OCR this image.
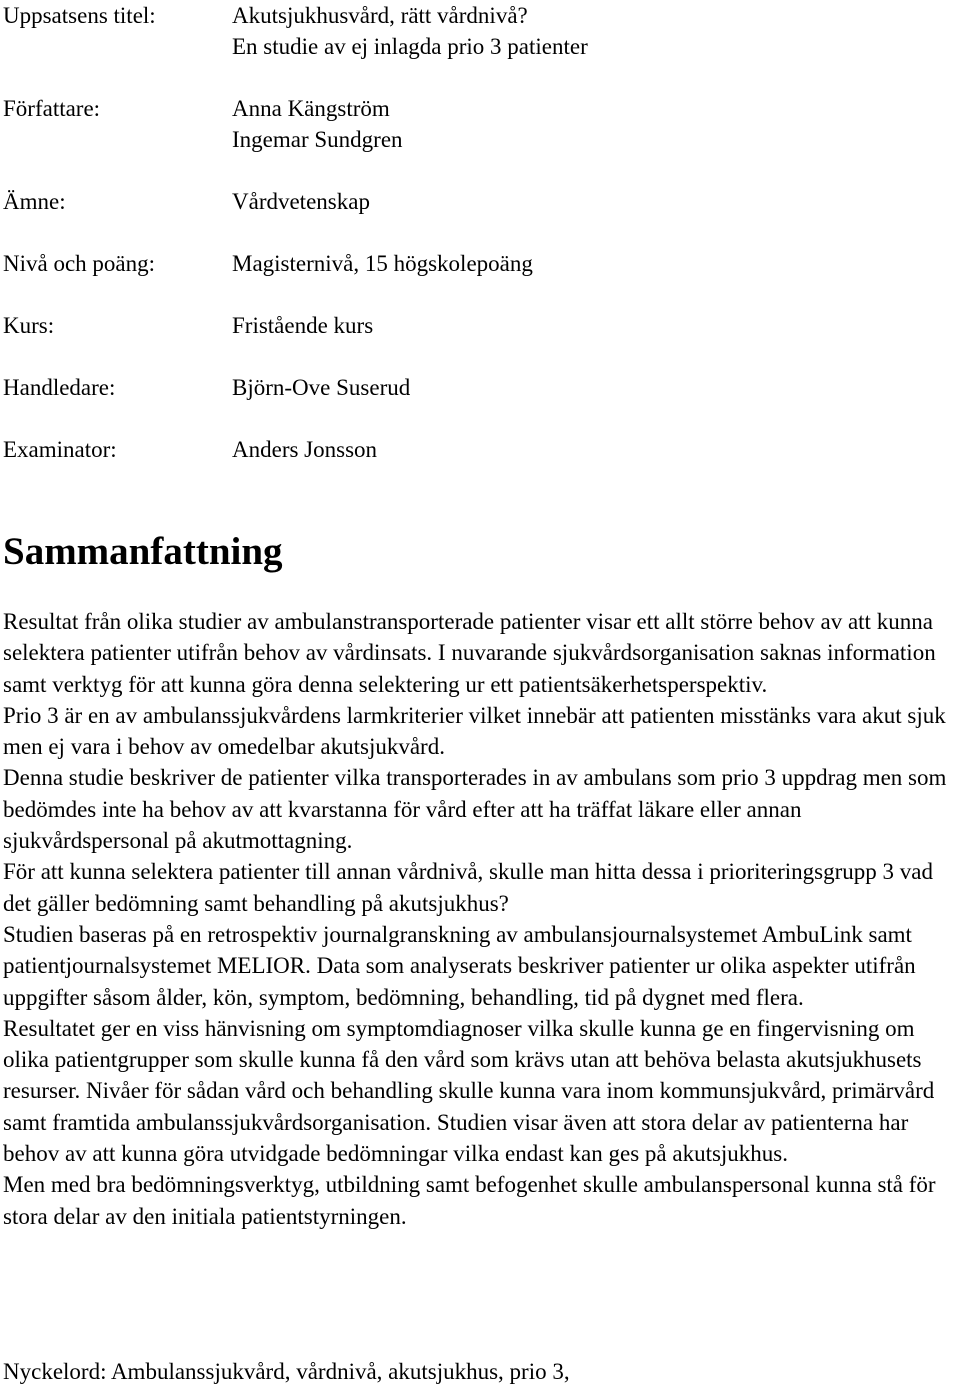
Uppsatsens titel:	Akutsjukhusvård, rätt vårdnivå?
En studie av ej inlagda prio 3 patienter
Författare:	Anna Kängström
Ingemar Sundgren
Ämne:	Vårdvetenskap
Nivå och poäng:	Magisternivå, 15 högskolepoäng
Kurs:	Fristående kurs
Handledare:	Björn-Ove Suserud
Examinator:	Anders Jonsson
Sammanfattning

Resultat från olika studier av ambulanstransporterade patienter visar ett allt större behov av att kunna selektera patienter utifrån behov av vårdinsats. I nuvarande sjukvårdsorganisation saknas information samt verktyg för att kunna göra denna selektering ur ett patientsäkerhetsperspektiv.

Prio 3 är en av ambulanssjukvårdens larmkriterier vilket innebär att patienten misstänks vara akut sjuk men ej vara i behov av omedelbar akutsjukvård.

Denna studie beskriver de patienter vilka transporterades in av ambulans som prio 3 uppdrag men som bedömdes inte ha behov av att kvarstanna för vård efter att ha träffat läkare eller annan sjukvårdspersonal på akutmottagning.

För att kunna selektera patienter till annan vårdnivå, skulle man hitta dessa i prioriteringsgrupp 3 vad det gäller bedömning samt behandling på akutsjukhus?

Studien baseras på en retrospektiv journalgranskning av ambulansjournalsystemet AmbuLink samt patientjournalsystemet MELIOR. Data som analyserats beskriver patienter ur olika aspekter utifrån uppgifter såsom ålder, kön, symptom, bedömning, behandling, tid på dygnet med flera.

Resultatet ger en viss hänvisning om symptomdiagnoser vilka skulle kunna ge en fingervisning om olika patientgrupper som skulle kunna få den vård som krävs utan att behöva belasta akutsjukhusets resurser. Nivåer för sådan vård och behandling skulle kunna vara inom kommunsjukvård, primärvård samt framtida ambulanssjukvårdsorganisation. Studien visar även att stora delar av patienterna har behov av att kunna göra utvidgade bedömningar vilka endast kan ges på akutsjukhus.

Men med bra bedömningsverktyg, utbildning samt befogenhet skulle ambulanspersonal kunna stå för stora delar av den initiala patientstyrningen.

Nyckelord: Ambulanssjukvård, vårdnivå, akutsjukhus, prio 3,
